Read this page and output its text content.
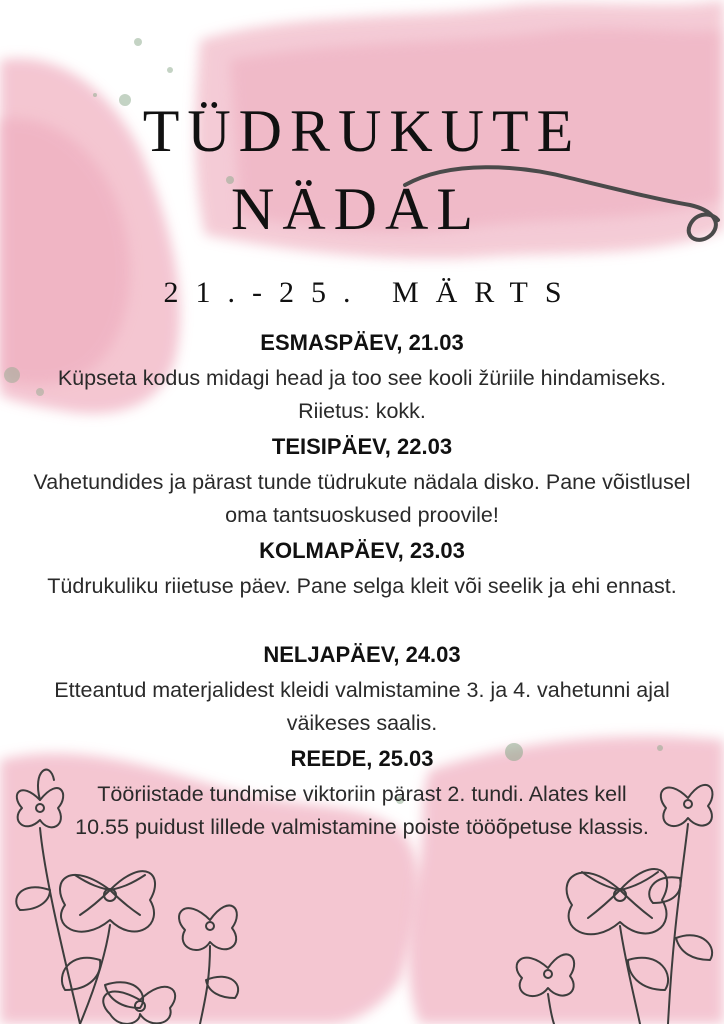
TÜDRUKUTE
NÄDAL
21.-25. MÄRTS
ESMASPÄEV, 21.03
Küpseta kodus midagi head ja too see kooli žüriile hindamiseks. Riietus: kokk.
TEISIPÄEV, 22.03
Vahetundides ja pärast tunde tüdrukute nädala disko. Pane võistlusel oma tantsuoskused proovile!
KOLMAPÄEV, 23.03
Tüdrukuliku riietuse päev. Pane selga kleit või seelik ja ehi ennast.
NELJAPÄEV, 24.03
Etteantud materjalidest kleidi valmistamine 3. ja 4. vahetunni ajal väikeses saalis.
REEDE, 25.03
Tööriistade tundmise viktoriin pärast 2. tundi. Alates kell 10.55 puidust lillede valmistamine poiste tööõpetuse klassis.
